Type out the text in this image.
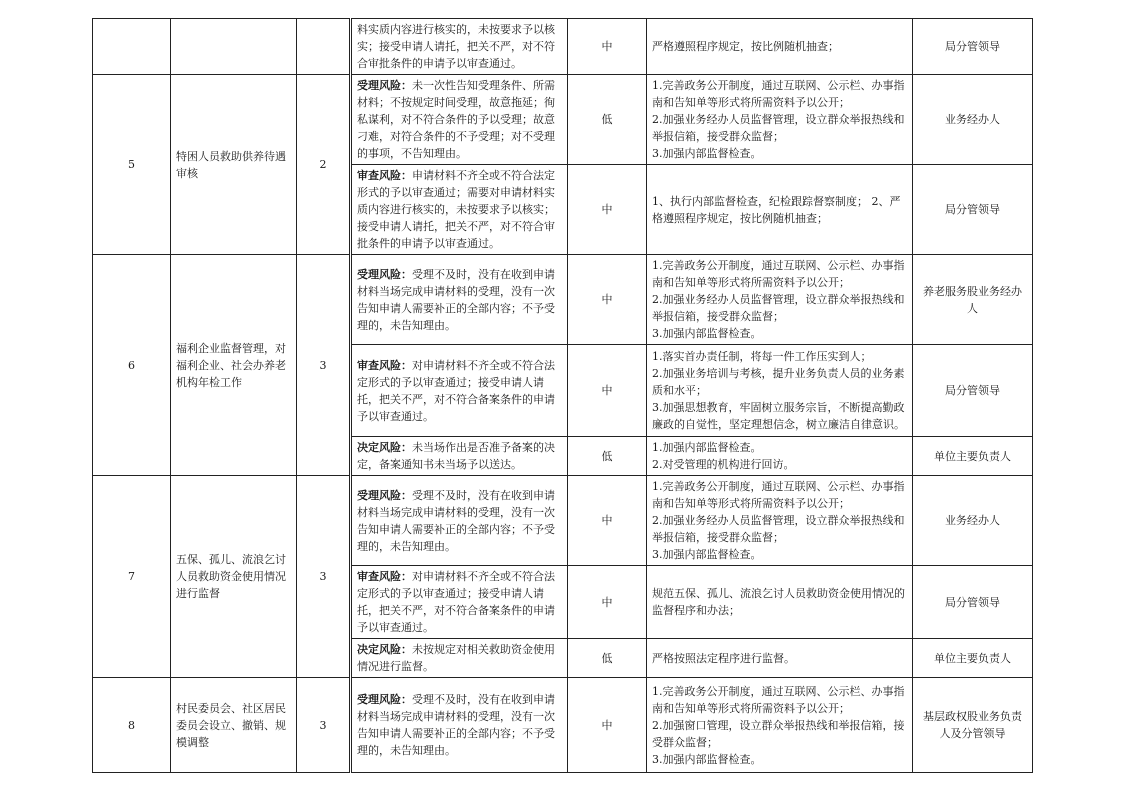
			料实质内容进行核实的，未按要求予以核实；接受申请人请托，把关不严，对不符合审批条件的申请予以审查通过。	中	严格遵照程序规定，按比例随机抽查；	局分管领导
5	特困人员救助供养待遇审核	2	受理风险：未一次性告知受理条件、所需材料；不按规定时间受理，故意拖延；徇私谋利，对不符合条件的予以受理；故意刁难，对符合条件的不予受理；对不受理的事项，不告知理由。	低	1.完善政务公开制度，通过互联网、公示栏、办事指南和告知单等形式将所需资料予以公开；
2.加强业务经办人员监督管理，设立群众举报热线和举报信箱，接受群众监督；
3.加强内部监督检查。	业务经办人
			审查风险：申请材料不齐全或不符合法定形式的予以审查通过；需要对申请材料实质内容进行核实的，未按要求予以核实；接受申请人请托，把关不严，对不符合审批条件的申请予以审查通过。	中	1、执行内部监督检查，纪检跟踪督察制度； 2、严格遵照程序规定，按比例随机抽查；	局分管领导
6	福利企业监督管理，对福利企业、社会办养老机构年检工作	3	受理风险：受理不及时，没有在收到申请材料当场完成申请材料的受理，没有一次告知申请人需要补正的全部内容；不予受理的，未告知理由。	中	1.完善政务公开制度，通过互联网、公示栏、办事指南和告知单等形式将所需资料予以公开；
2.加强业务经办人员监督管理，设立群众举报热线和举报信箱，接受群众监督；
3.加强内部监督检查。	养老服务股业务经办人
			审查风险：对申请材料不齐全或不符合法定形式的予以审查通过；接受申请人请托，把关不严，对不符合备案条件的申请予以审查通过。	中	1.落实首办责任制，将每一件工作压实到人；
2.加强业务培训与考核，提升业务负责人员的业务素质和水平；
3.加强思想教育，牢固树立服务宗旨，不断提高勤政廉政的自觉性，坚定理想信念，树立廉洁自律意识。	局分管领导
			决定风险：未当场作出是否准予备案的决定，备案通知书未当场予以送达。	低	1.加强内部监督检查。
2.对受管理的机构进行回访。	单位主要负责人
7	五保、孤儿、流浪乞讨人员救助资金使用情况进行监督	3	受理风险：受理不及时，没有在收到申请材料当场完成申请材料的受理，没有一次告知申请人需要补正的全部内容；不予受理的，未告知理由。	中	1.完善政务公开制度，通过互联网、公示栏、办事指南和告知单等形式将所需资料予以公开；
2.加强业务经办人员监督管理，设立群众举报热线和举报信箱，接受群众监督；
3.加强内部监督检查。	业务经办人
			审查风险：对申请材料不齐全或不符合法定形式的予以审查通过；接受申请人请托，把关不严，对不符合备案条件的申请予以审查通过。	中	规范五保、孤儿、流浪乞讨人员救助资金使用情况的监督程序和办法；	局分管领导
			决定风险：未按规定对相关救助资金使用情况进行监督。	低	严格按照法定程序进行监督。	单位主要负责人
8	村民委员会、社区居民委员会设立、撤销、规模调整	3	受理风险：受理不及时，没有在收到申请材料当场完成申请材料的受理，没有一次告知申请人需要补正的全部内容；不予受理的，未告知理由。	中	1.完善政务公开制度，通过互联网、公示栏、办事指南和告知单等形式将所需资料予以公开；
2.加强窗口管理，设立群众举报热线和举报信箱，接受群众监督；
3.加强内部监督检查。	基层政权股业务负责人及分管领导
